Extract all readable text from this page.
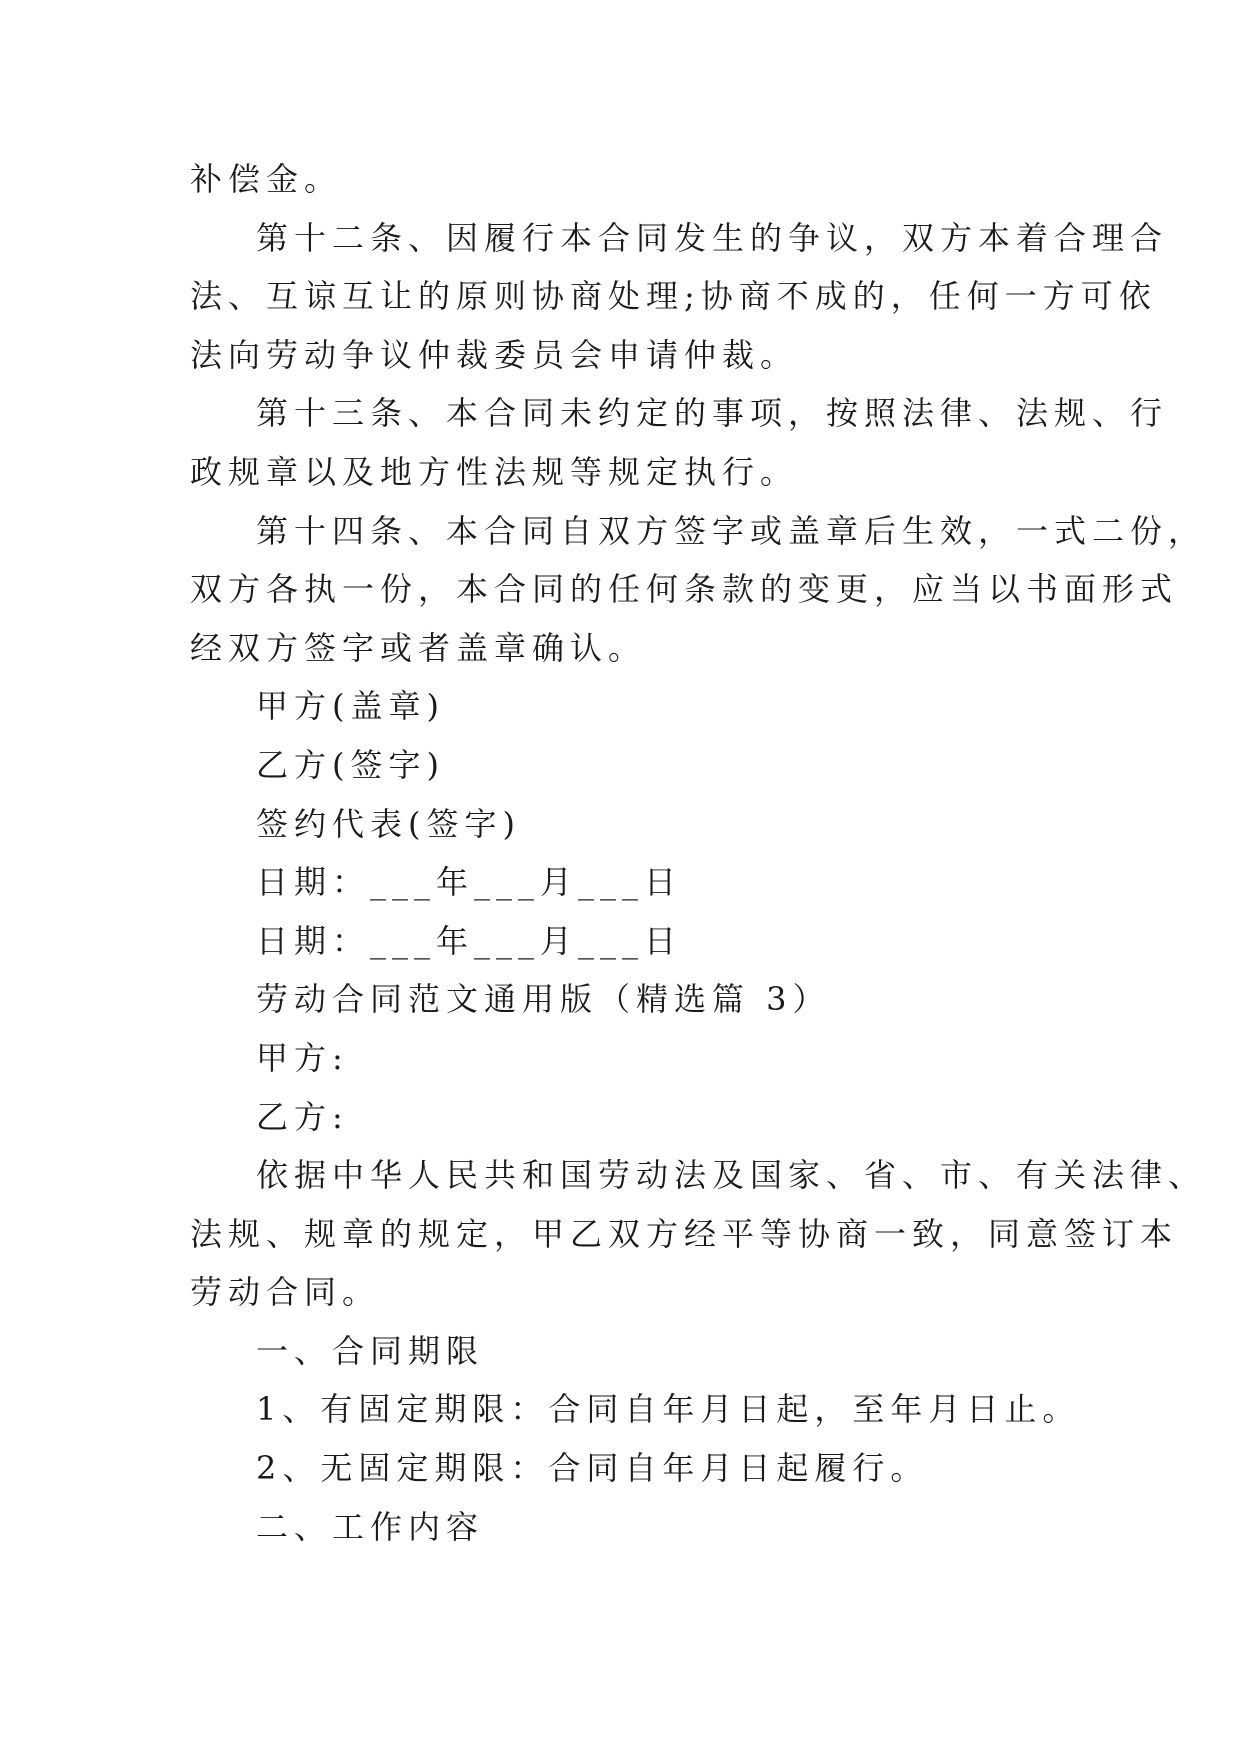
补偿金。
第十二条、因履行本合同发生的争议，双方本着合理合
法、互谅互让的原则协商处理;协商不成的，任何一方可依
法向劳动争议仲裁委员会申请仲裁。
第十三条、本合同未约定的事项，按照法律、法规、行
政规章以及地方性法规等规定执行。
第十四条、本合同自双方签字或盖章后生效，一式二份，
双方各执一份，本合同的任何条款的变更，应当以书面形式
经双方签字或者盖章确认。
甲方(盖章)
乙方(签字)
签约代表(签字)
日期：___年___月___日
日期：___年___月___日
劳动合同范文通用版（精选篇 3）
甲方:
乙方:
依据中华人民共和国劳动法及国家、省、市、有关法律、
法规、规章的规定，甲乙双方经平等协商一致，同意签订本
劳动合同。
一、合同期限
1、有固定期限：合同自年月日起，至年月日止。
2、无固定期限：合同自年月日起履行。
二、工作内容
